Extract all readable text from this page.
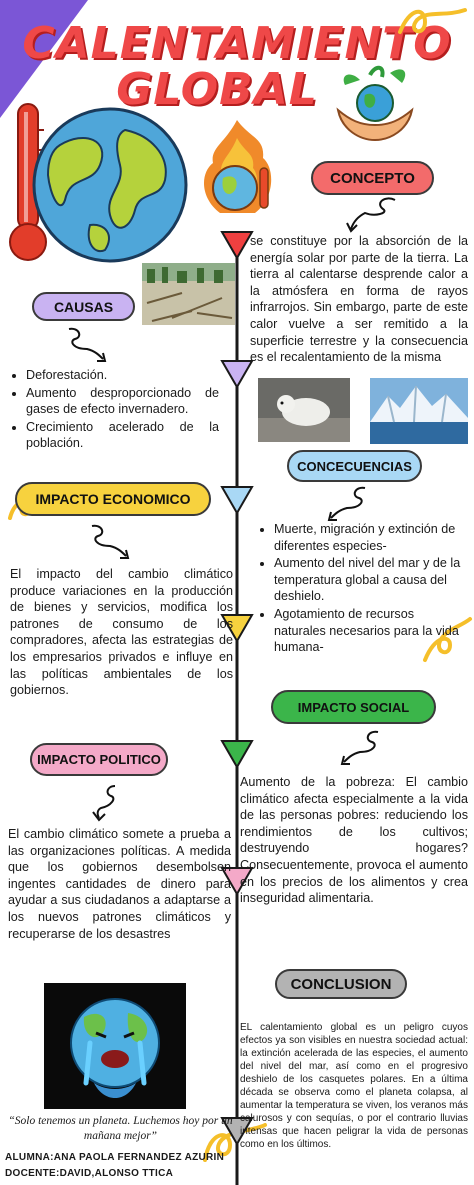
CALENTAMIENTO
GLOBAL
CONCEPTO
se constituye por la absorción de la energía solar por parte de la tierra. La tierra al calentarse desprende calor a la atmósfera en forma de rayos infrarrojos. Sin embargo, parte de este calor vuelve a ser remitido a la superficie terrestre y la consecuencia es el recalentamiento de la misma
CAUSAS
• Deforestación.
• Aumento desproporcionado de gases de efecto invernadero.
• Crecimiento acelerado de la población.
CONCECUENCIAS
• Muerte, migración y extinción de diferentes especies-
• Aumento del nivel del mar y de la temperatura global a causa del deshielo.
• Agotamiento de recursos naturales necesarios para la vida humana-
IMPACTO ECONOMICO
El impacto del cambio climático produce variaciones en la producción de bienes y servicios, modifica los patrones de consumo de los compradores, afecta las estrategias de los empresarios privados e influye en las políticas ambientales de los gobiernos.
IMPACTO SOCIAL
Aumento de la pobreza: El cambio climático afecta especialmente a la vida de las personas pobres: reduciendo los rendimientos de los cultivos; destruyendo hogares? Consecuentemente, provoca el aumento en los precios de los alimentos y crea inseguridad alimentaria.
IMPACTO POLITICO
El cambio climático somete a prueba a las organizaciones políticas. A medida que los gobiernos desembolsen ingentes cantidades de dinero para ayudar a sus ciudadanos a adaptarse a los nuevos patrones climáticos y recuperarse de los desastres
CONCLUSION
EL calentamiento global es un peligro cuyos efectos ya son visibles en nuestra sociedad actual: la extinción acelerada de las especies, el aumento del nivel del mar, así como en el progresivo deshielo de los casquetes polares. En a última década se observa como el planeta colapsa, al aumentar la temperatura se viven, los veranos más calurosos y con sequías, o por el contrario lluvias intensas que hacen peligrar la vida de personas como en los últimos.
“Solo tenemos un planeta. Luchemos hoy por un mañana mejor”
ALUMNA:ANA PAOLA FERNANDEZ AZURIN
DOCENTE:DAVID,ALONSO TTICA
